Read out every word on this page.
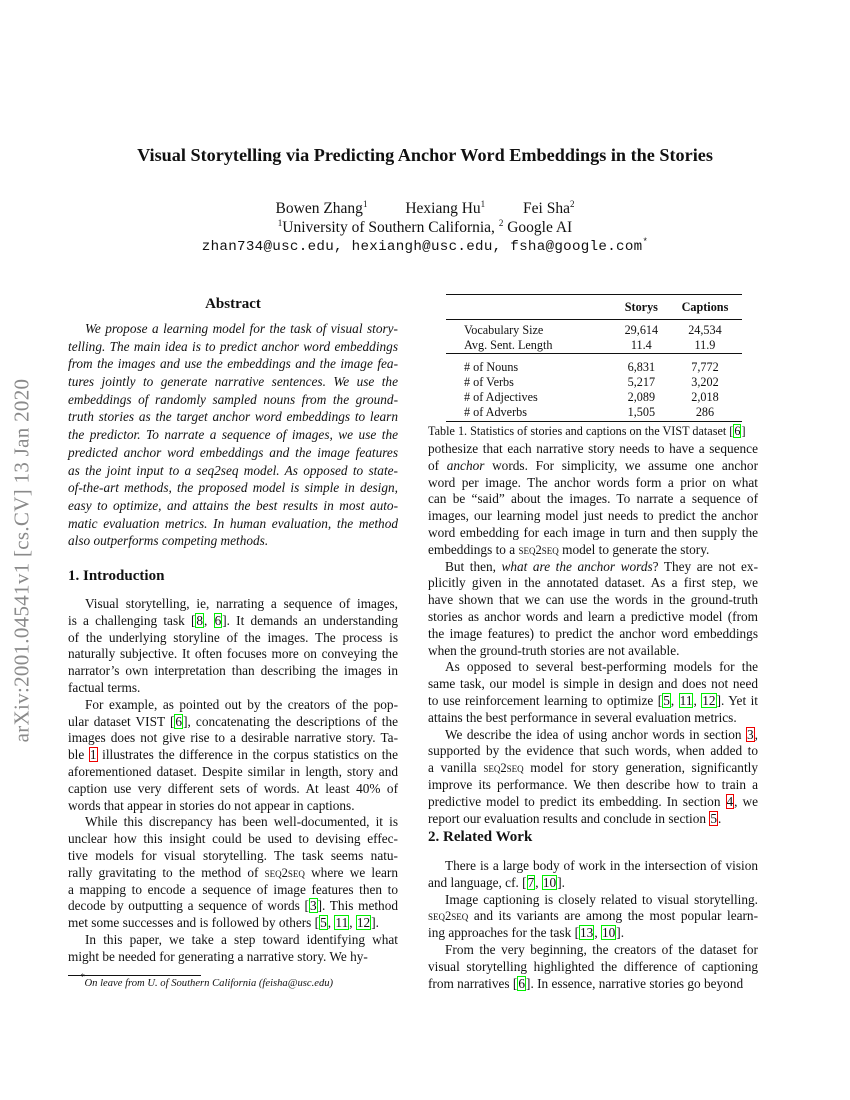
Visual Storytelling via Predicting Anchor Word Embeddings in the Stories
Bowen Zhang$^1$ Hexiang Hu$^1$ Fei Sha$^2$
$^1$University of Southern California, $^2$ Google AI
zhan734@usc.edu, hexiangh@usc.edu, fsha@google.com*
arXiv:2001.04541v1 [cs.CV] 13 Jan 2020
Abstract
We propose a learning model for the task of visual story-
telling. The main idea is to predict anchor word embeddings
from the images and use the embeddings and the image fea-
tures jointly to generate narrative sentences. We use the
embeddings of randomly sampled nouns from the ground-
truth stories as the target anchor word embeddings to learn
the predictor. To narrate a sequence of images, we use the
predicted anchor word embeddings and the image features
as the joint input to a seq2seq model. As opposed to state-
of-the-art methods, the proposed model is simple in design,
easy to optimize, and attains the best results in most auto-
matic evaluation metrics. In human evaluation, the method
also outperforms competing methods.
1. Introduction
Visual storytelling, ie, narrating a sequence of images,
is a challenging task [8, 6]. It demands an understanding
of the underlying storyline of the images. The process is
naturally subjective. It often focuses more on conveying the
narrator’s own interpretation than describing the images in
factual terms.
For example, as pointed out by the creators of the pop-
ular dataset VIST [6], concatenating the descriptions of the
images does not give rise to a desirable narrative story. Ta-
ble 1 illustrates the difference in the corpus statistics on the
aforementioned dataset. Despite similar in length, story and
caption use very different sets of words. At least 40% of
words that appear in stories do not appear in captions.
While this discrepancy has been well-documented, it is
unclear how this insight could be used to devising effec-
tive models for visual storytelling. The task seems natu-
rally gravitating to the method of seq2seq where we learn
a mapping to encode a sequence of image features then to
decode by outputting a sequence of words [3]. This method
met some successes and is followed by others [5, 11, 12].
In this paper, we take a step toward identifying what
might be needed for generating a narrative story. We hy-
*On leave from U. of Southern California (feisha@usc.edu)
	Storys	Captions
Vocabulary Size	29,614	24,534
Avg. Sent. Length	11.4	11.9
# of Nouns	6,831	7,772
# of Verbs	5,217	3,202
# of Adjectives	2,089	2,018
# of Adverbs	1,505	286
Table 1. Statistics of stories and captions on the VIST dataset [6]
pothesize that each narrative story needs to have a sequence
of anchor words. For simplicity, we assume one anchor
word per image. The anchor words form a prior on what
can be “said” about the images. To narrate a sequence of
images, our learning model just needs to predict the anchor
word embedding for each image in turn and then supply the
embeddings to a seq2seq model to generate the story.
But then, what are the anchor words? They are not ex-
plicitly given in the annotated dataset. As a first step, we
have shown that we can use the words in the ground-truth
stories as anchor words and learn a predictive model (from
the image features) to predict the anchor word embeddings
when the ground-truth stories are not available.
As opposed to several best-performing models for the
same task, our model is simple in design and does not need
to use reinforcement learning to optimize [5, 11, 12]. Yet it
attains the best performance in several evaluation metrics.
We describe the idea of using anchor words in section 3,
supported by the evidence that such words, when added to
a vanilla seq2seq model for story generation, significantly
improve its performance. We then describe how to train a
predictive model to predict its embedding. In section 4, we
report our evaluation results and conclude in section 5.
2. Related Work
There is a large body of work in the intersection of vision
and language, cf. [7, 10].
Image captioning is closely related to visual storytelling.
seq2seq and its variants are among the most popular learn-
ing approaches for the task [13, 10].
From the very beginning, the creators of the dataset for
visual storytelling highlighted the difference of captioning
from narratives [6]. In essence, narrative stories go beyond
